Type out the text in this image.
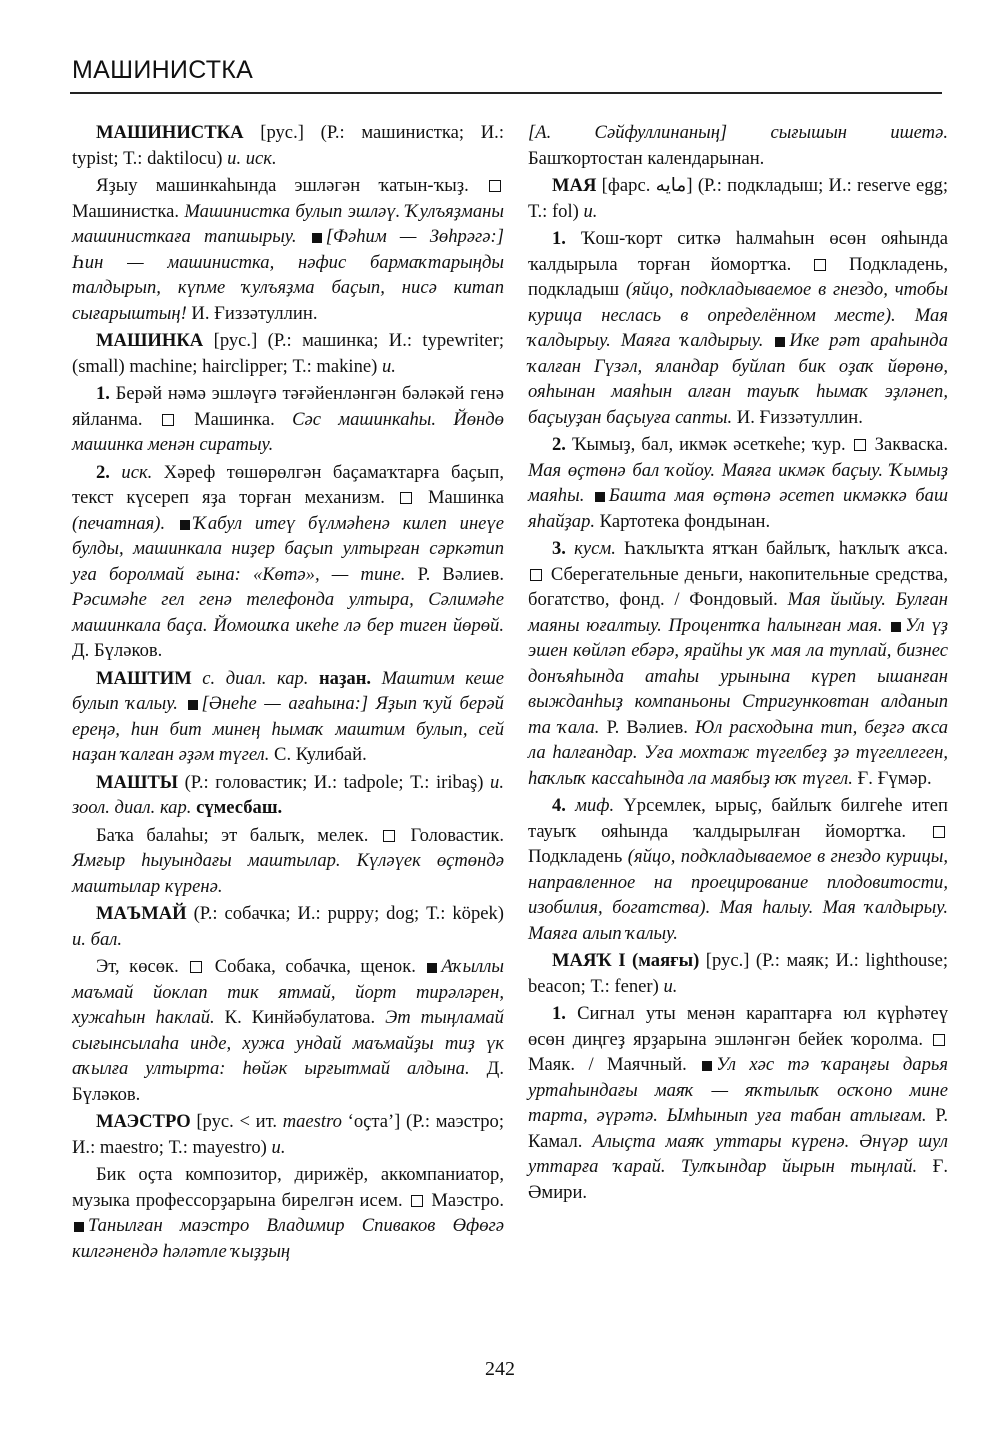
МАШИНИСТКА

МАШИНИСТКА [рус.] (Р.: машинистка; И.: typist; Т.: daktilocu) и. иск.

Яҙыу машинкаһында эшләгән ҡатын-ҡыҙ.  Машинистка. Машинистка булып эшләү. Ҡулъяҙманы машинисткаға тапшырыу. [Фәһим — Зөһрәгә:] Һин — машинистка, нәфис бармаҡтарыңды талдырып, күпме ҡулъяҙма баҫып, нисә китап сығарыштың! И. Ғиззәтуллин.

МАШИНКА [рус.] (Р.: машинка; И.: typewriter; (small) machine; hairclipper; Т.: makine) и.

1. Берәй нәмә эшләүгә тәғәйенләнгән бәләкәй генә яйланма.  Машинка. Сәс машинкаһы. Йөндө машинка менән сиратыу.

2. иск. Хәреф төшөрөлгән баҫамаҡтарға баҫып, текст күсереп яҙа торған механизм.  Машинка (печатная). Ҡабул итеү бүлмәһенә килеп инеүе булды, машинкала ниҙер баҫып ултырған сәркәтип уға боролмай ғына: «Көтә», — тине. Р. Вәлиев. Рәсимәһе гел генә телефонда ултыра, Сәлимәһе машинкала баҫа. Йомошҡа икеһе лә бер тиген йөрөй. Д. Бүләков.

МАШТИМ с. диал. кар. наҙан. Маштим кеше булып ҡалыу. [Әнеһе — ағаһына:] Яҙып ҡуй берәй ереңә, һин бит минең һымаҡ маштим булып, сей наҙан ҡалған әҙәм түгел. С. Кулибай.

МАШТЫ (Р.: головастик; И.: tadpole; Т.: iribaş) и. зоол. диал. кар. сүмесбаш.

Баҡа балаһы; эт балыҡ, мелек.  Головастик. Ямғыр һыуындағы маштылар. Күләүек өҫтөндә маштылар күренә.

МАЪМАЙ (Р.: собачка; И.: puppy; dog; Т.: köpek) и. бал.

Эт, көсөк.  Собака, собачка, щенок. Аҡыллы маъмай йоклап тик ятмай, йорт тирәләрен, хужаһын һаклай. К. Кинйәбулатова. Эт тыңламай сығынсылаһа инде, хужа ундай маъмайҙы тиҙ үк аҡылға ултырта: һөйәк ырғытмай алдына. Д. Бүләков.

МАЭСТРО [рус. < ит. maestro ‘оҫта’] (Р.: маэстро; И.: maestro; Т.: mayestro) и.

Бик оҫта композитор, дирижёр, аккомпаниатор, музыка профессорҙарына бирелгән исем.  Маэстро. Танылған маэстро Владимир Спиваков Өфөгә килгәнендә һәләтле ҡыҙҙың

[А. Сәйфуллинаның] сығышын ишетә. Башҡортостан календарынан.

МАЯ [фарс. مايه] (Р.: подкладыш; И.: reserve egg; Т.: fol) и.

1. Ҡош-ҡорт ситкә һалмаһын өсөн ояһында ҡалдырыла торған йомортҡа.  Подкладень, подкладыш (яйцо, подкладываемое в гнездо, чтобы курица неслась в определённом месте). Мая ҡалдырыу. Маяға ҡалдырыу. Ике рәт араһында ҡалған Гүзәл, яландар буйлап бик оҙаҡ йөрөнө, ояһынан маяһын алған тауыҡ һымаҡ эҙләнеп, баҫыуҙан баҫыуға сапты. И. Ғиззәтуллин.

2. Ҡымыҙ, бал, икмәк әсеткеһе; ҡур.  Закваска. Мая өҫтөнә бал ҡойоу. Маяға икмәк баҫыу. Ҡымыҙ маяһы. Башта мая өҫтөнә әсетеп икмәккә баш яһайҙар. Картотека фондынан.

3. кусм. Һаҡлыҡта ятҡан байлыҡ, һаҡлыҡ аҡса.  Сберегательные деньги, накопительные средства, богатство, фонд. / Фондовый. Мая йыйыу. Булған маяны юғалтыу. Процентҡа һалынған мая. Ул үҙ эшен көйләп ебәрә, ярайһы уҡ мая ла туплай, бизнес донъяһында атаһы урынына күреп ышанған выжданһыҙ компаньоны Стригунковтан алданып та ҡала. Р. Вәлиев. Юл расходына тип, беҙгә аҡса ла һалғандар. Уға мохтаж түгелбеҙ ҙә түгеллеген, һаҡлыҡ кассаһында ла маябыҙ юҡ түгел. Ғ. Ғүмәр.

4. миф. Үрсемлек, ырыҫ, байлыҡ билгеһе итеп тауыҡ ояһында ҡалдырылған йомортҡа.  Подкладень (яйцо, подкладываемое в гнездо курицы, направленное на проецирование плодовитости, изобилия, богатства). Мая һалыу. Мая ҡалдырыу. Маяға алып ҡалыу.

МАЯҠ I (маяғы) [рус.] (Р.: маяк; И.: lighthouse; beacon; Т.: fener) и.

1. Сигнал уты менән караптарға юл күрһәтеү өсөн диңгеҙ ярҙарына эшләнгән бейек ҡоролма.  Маяк. / Маячный. Ул хәс тә ҡараңғы дарья уртаһындағы маяҡ — яҡтылыҡ осҡоно мине тарта, әүрәтә. Ымһынып уға табан атлығам. Р. Камал. Алыҫта маяҡ уттары күренә. Әнүәр шул уттарға ҡарай. Тулҡындар йырын тыңлай. Ғ. Әмири.

242
